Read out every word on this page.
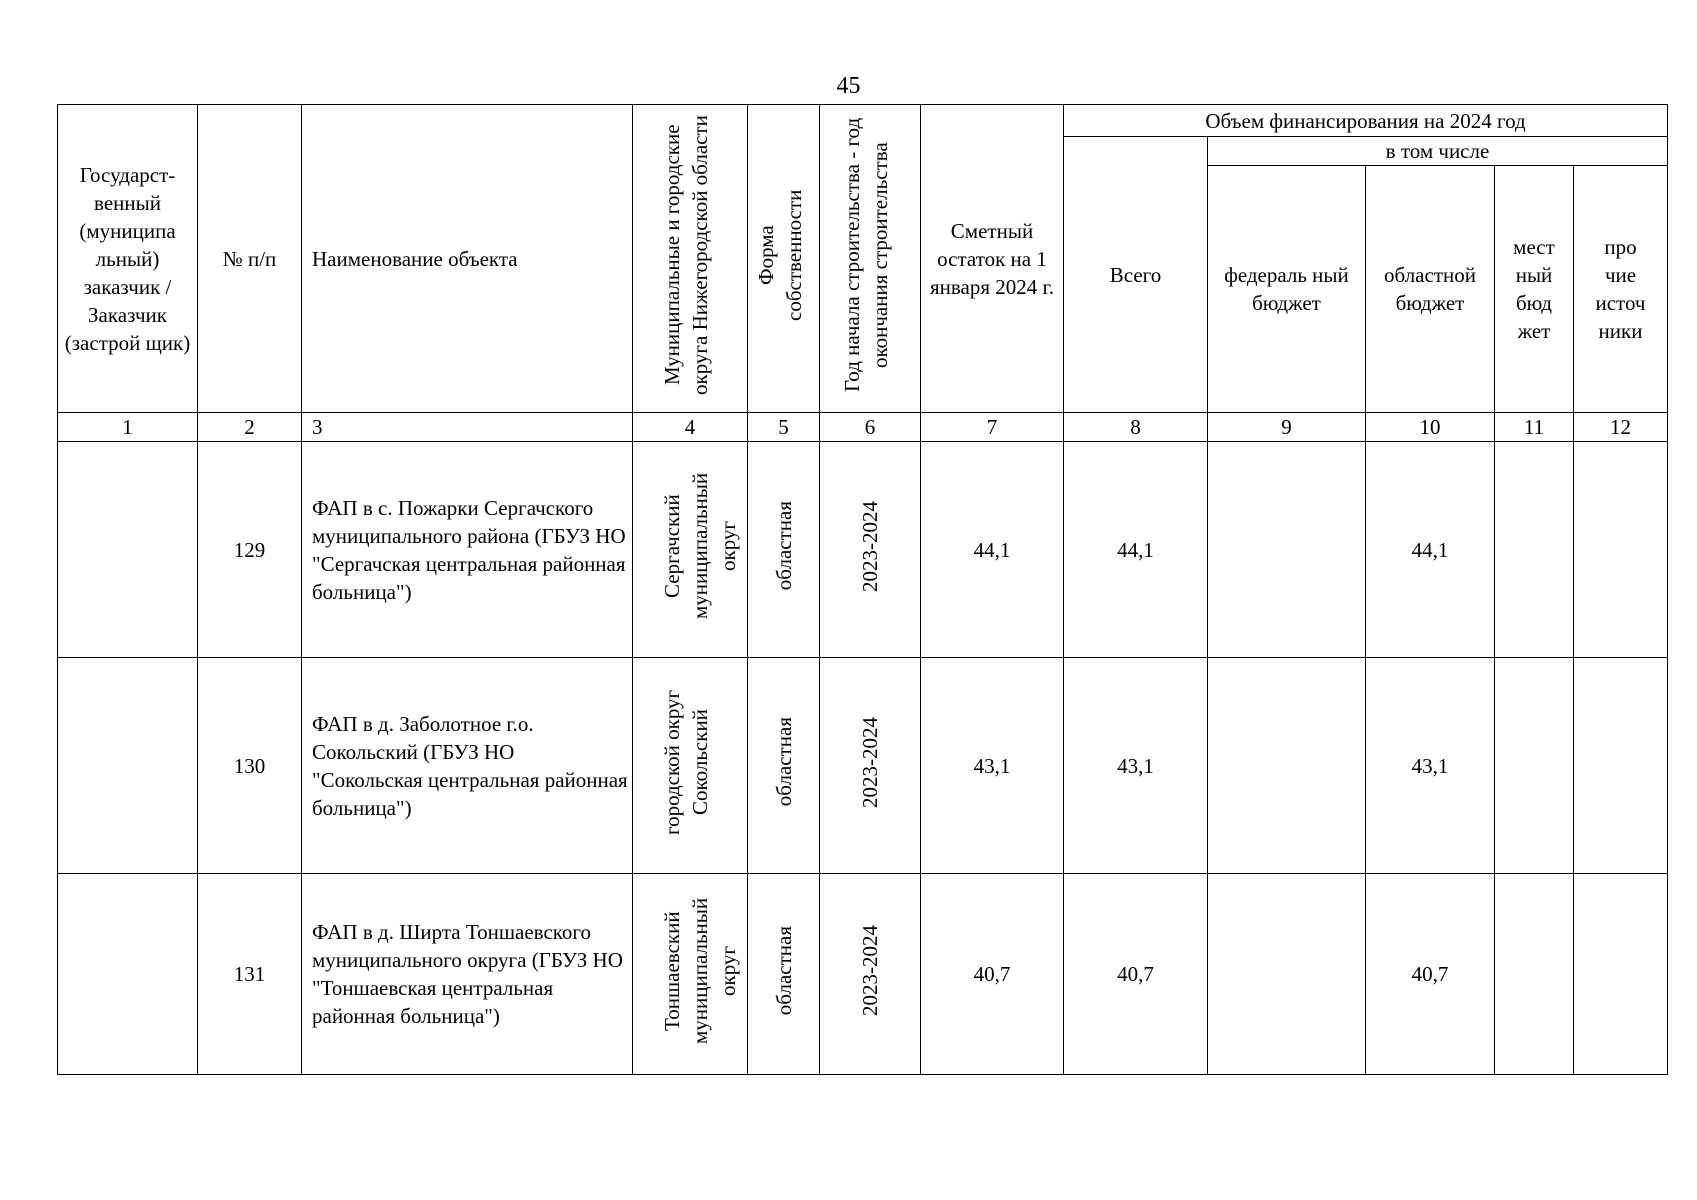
45
Государст-венный (муниципа льный) заказчик / Заказчик (застрой щик)	№ п/п	Наименование объекта	Муниципальные и городские округа Нижегородской области	Форма собственности	Год начала строительства - год окончания строительства	Сметный остаток на 1 января 2024 г.	Объем финансирования на 2024 год				
							Всего	в том числе			
								федераль ный бюджет	областной бюджет	мест ный бюд жет	про чие источ ники
1	2	3	4	5	6	7	8	9	10	11	12
	129	ФАП в с. Пожарки Сергачского муниципального района (ГБУЗ НО "Сергачская центральная районная больница")	Сергачский муниципальный округ	областная	2023-2024	44,1	44,1		44,1		
	130	ФАП в д. Заболотное г.о. Сокольский (ГБУЗ НО "Сокольская центральная районная больница")	городской округ Сокольский	областная	2023-2024	43,1	43,1		43,1		
	131	ФАП в д. Ширта Тоншаевского муниципального округа (ГБУЗ НО "Тоншаевская центральная районная больница")	Тоншаевский муниципальный округ	областная	2023-2024	40,7	40,7		40,7		
